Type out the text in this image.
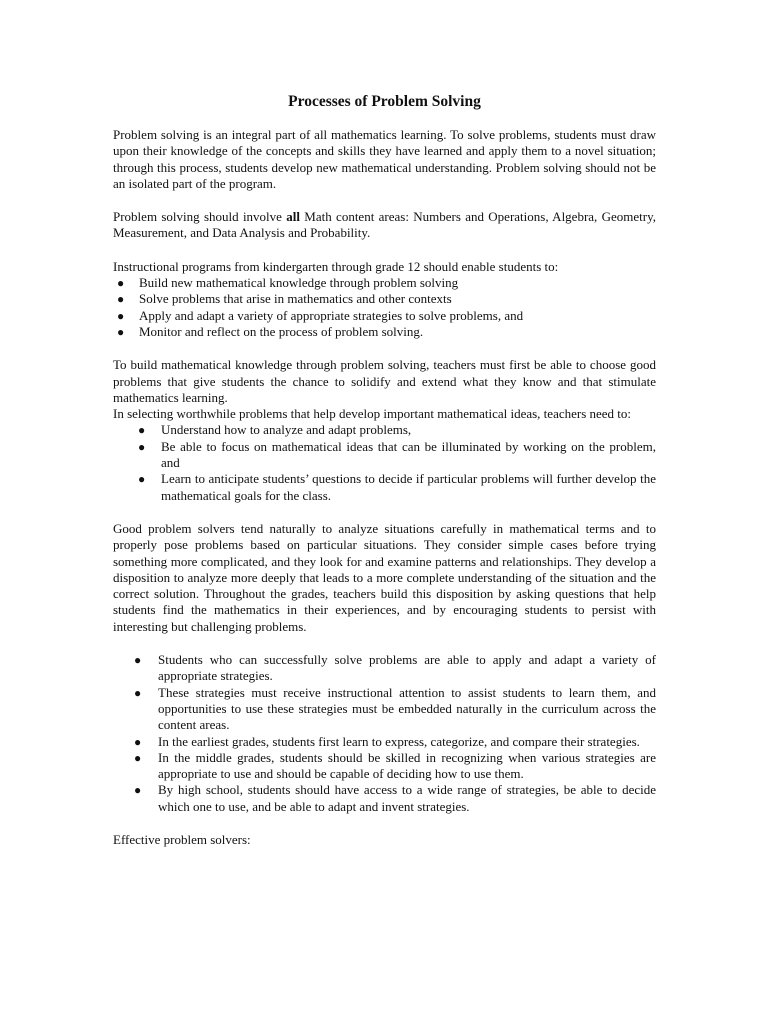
Processes of Problem Solving

Problem solving is an integral part of all mathematics learning. To solve problems, students must draw upon their knowledge of the concepts and skills they have learned and apply them to a novel situation; through this process, students develop new mathematical understanding. Problem solving should not be an isolated part of the program.

Problem solving should involve all Math content areas: Numbers and Operations, Algebra, Geometry, Measurement, and Data Analysis and Probability.

Instructional programs from kindergarten through grade 12 should enable students to:

● Build new mathematical knowledge through problem solving
● Solve problems that arise in mathematics and other contexts
● Apply and adapt a variety of appropriate strategies to solve problems, and
● Monitor and reflect on the process of problem solving.

To build mathematical knowledge through problem solving, teachers must first be able to choose good problems that give students the chance to solidify and extend what they know and that stimulate mathematics learning.

In selecting worthwhile problems that help develop important mathematical ideas, teachers need to:

● Understand how to analyze and adapt problems,
● Be able to focus on mathematical ideas that can be illuminated by working on the problem, and
● Learn to anticipate students’ questions to decide if particular problems will further develop the mathematical goals for the class.

Good problem solvers tend naturally to analyze situations carefully in mathematical terms and to properly pose problems based on particular situations. They consider simple cases before trying something more complicated, and they look for and examine patterns and relationships. They develop a disposition to analyze more deeply that leads to a more complete understanding of the situation and the correct solution. Throughout the grades, teachers build this disposition by asking questions that help students find the mathematics in their experiences, and by encouraging students to persist with interesting but challenging problems.

● Students who can successfully solve problems are able to apply and adapt a variety of appropriate strategies.
● These strategies must receive instructional attention to assist students to learn them, and opportunities to use these strategies must be embedded naturally in the curriculum across the content areas.
● In the earliest grades, students first learn to express, categorize, and compare their strategies.
● In the middle grades, students should be skilled in recognizing when various strategies are appropriate to use and should be capable of deciding how to use them.
● By high school, students should have access to a wide range of strategies, be able to decide which one to use, and be able to adapt and invent strategies.

Effective problem solvers:
